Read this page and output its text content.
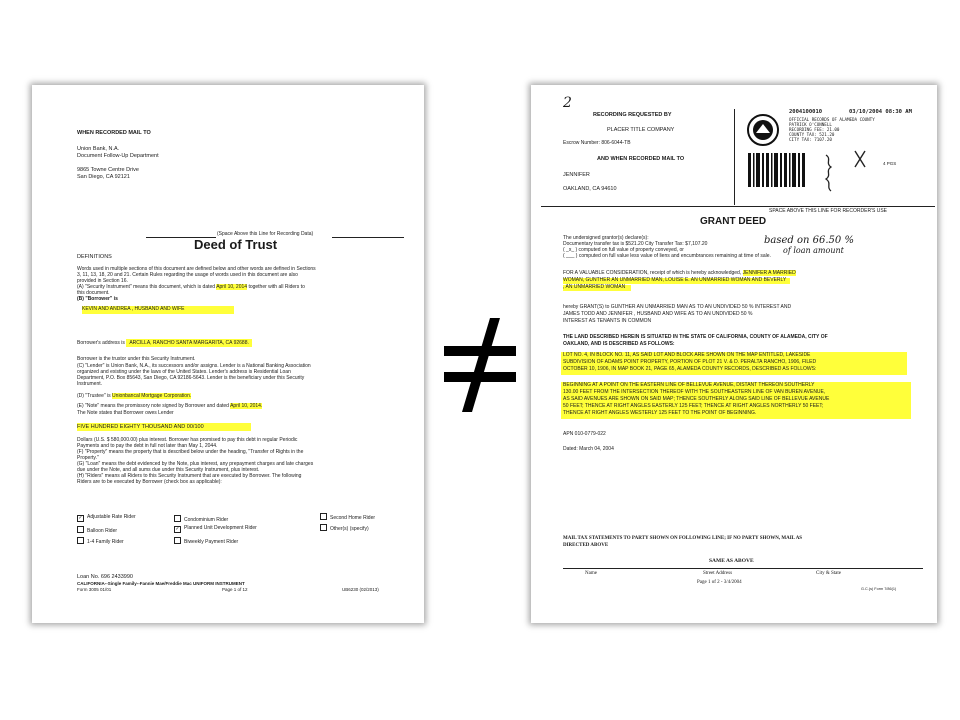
WHEN RECORDED MAIL TO
Union Bank, N.A.
Document Follow-Up Department
9865 Towne Centre Drive
San Diego, CA 92121
(Space Above this Line for Recording Data)
Deed of Trust
DEFINITIONS
Words used in multiple sections of this document are defined below and other words are defined in Sections
3, 11, 13, 18, 20 and 21. Certain Rules regarding the usage of words used in this document are also
provided in Section 16.
(A) "Security Instrument" means this document, which is dated April 10, 2014 together with all Riders to
this document.
(B) "Borrower" is
KEVIN AND ANDREA , HUSBAND AND WIFE
Borrower's address is ARCILLA, RANCHO SANTA MARGARITA, CA 92688.
Borrower is the trustor under this Security Instrument.
(C) "Lender" is Union Bank, N.A., its successors and/or assigns. Lender is a National Banking Association
organized and existing under the laws of the United States. Lender's address is Residential Loan
Department, P.O. Box 85643, San Diego, CA 92186-5643. Lender is the beneficiary under this Security
Instrument.
(D) "Trustee" is Unionbancal Mortgage Corporation.
(E) "Note" means the promissory note signed by Borrower and dated April 10, 2014.
The Note states that Borrower owes Lender
FIVE HUNDRED EIGHTY THOUSAND AND 00/100
Dollars (U.S. $ 580,000.00) plus interest. Borrower has promised to pay this debt in regular Periodic
Payments and to pay the debt in full not later than May 1, 2044.
(F) "Property" means the property that is described below under the heading, "Transfer of Rights in the
Property."
(G) "Loan" means the debt evidenced by the Note, plus interest, any prepayment charges and late charges
due under the Note, and all sums due under this Security Instrument, plus interest.
(H) "Riders" means all Riders to this Security Instrument that are executed by Borrower. The following
Riders are to be executed by Borrower (check box as applicable):
✓ Adjustable Rate Rider	Condominium Rider	Second Home Rider
Balloon Rider	✓ Planned Unit Development Rider	Other(s) (specify)
1-4 Family Rider	Biweekly Payment Rider
Loan No. 696 2433990
CALIFORNIA--Single Family--Fannie Mae/Freddie Mac UNIFORM INSTRUMENT
Form 3005 01/01	Page 1 of 12	UB6230 (02/2013)
2
RECORDING REQUESTED BY
PLACER TITLE COMPANY
Escrow Number: 806-6044-TB
AND WHEN RECORDED MAIL TO
JENNIFER
OAKLAND, CA 94610
2004100010	03/10/2004 08:30 AM
OFFICIAL RECORDS OF ALAMEDA COUNTY
PATRICK O'CONNELL
RECORDING FEE: 21.00
COUNTY TAX: 521.20
CITY TAX: 7107.20
4 PGS
SPACE ABOVE THIS LINE FOR RECORDER'S USE
GRANT DEED
The undersigned grantor(s) declare(s):
Documentary transfer tax is $521.20 City Transfer Tax: $7,107.20
( _x_ ) computed on full value of property conveyed, or
( ___ ) computed on full value less value of liens and encumbrances remaining at time of sale.
based on 66.50 %
of loan amount
FOR A VALUABLE CONSIDERATION, receipt of which is hereby acknowledged, JENNIFER A MARRIED
WOMAN, GUNTHER AN UNMARRIED MAN, LOUISE E. AN UNMARRIED WOMAN AND BEVERLY
, AN UNMARRIED WOMAN
hereby GRANT(S) to GUNTHER AN UNMARRIED MAN AS TO AN UNDIVIDED 50 % INTEREST AND
JAMES TODD AND JENNIFER , HUSBAND AND WIFE AS TO AN UNDIVIDED 50 %
INTEREST AS TENANTS IN COMMON
THE LAND DESCRIBED HEREIN IS SITUATED IN THE STATE OF CALIFORNIA, COUNTY OF ALAMEDA, CITY OF
OAKLAND, AND IS DESCRIBED AS FOLLOWS:
LOT NO. 4, IN BLOCK NO. 11, AS SAID LOT AND BLOCK ARE SHOWN ON THE MAP ENTITLED, LAKESIDE
SUBDIVISION OF ADAMS POINT PROPERTY, PORTION OF PLOT 21 V. & D. PERALTA RANCHO, 1906, FILED
OCTOBER 10, 1906, IN MAP BOOK 21, PAGE 65, ALAMEDA COUNTY RECORDS, DESCRIBED AS FOLLOWS:
BEGINNING AT A POINT ON THE EASTERN LINE OF BELLEVUE AVENUE, DISTANT THEREON SOUTHERLY
130.00 FEET FROM THE INTERSECTION THEREOF WITH THE SOUTHEASTERN LINE OF VAN BUREN AVENUE,
AS SAID AVENUES ARE SHOWN ON SAID MAP; THENCE SOUTHERLY ALONG SAID LINE OF BELLEVUE AVENUE
50 FEET; THENCE AT RIGHT ANGLES EASTERLY 125 FEET; THENCE AT RIGHT ANGLES NORTHERLY 50 FEET;
THENCE AT RIGHT ANGLES WESTERLY 125 FEET TO THE POINT OF BEGINNING.
APN 010-0779-022
Dated: March 04, 2004
MAIL TAX STATEMENTS TO PARTY SHOWN ON FOLLOWING LINE; IF NO PARTY SHOWN, MAIL AS
DIRECTED ABOVE
SAME AS ABOVE
Name	Street Address	City & State
Page 1 of 2 - 3/4/2004
G.C.(s) Form 7/86(1)
